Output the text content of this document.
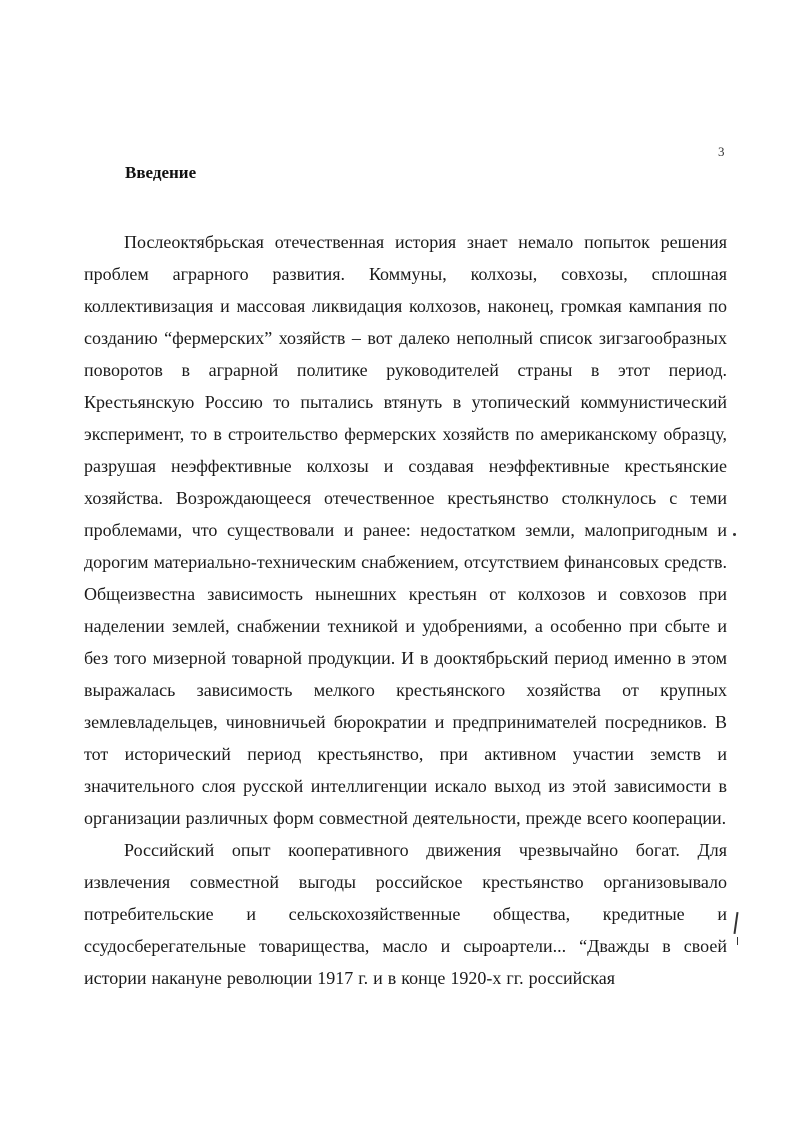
3
Введение

Послеоктябрьская отечественная история знает немало попыток решения проблем аграрного развития. Коммуны, колхозы, совхозы, сплошная коллективизация и массовая ликвидация колхозов, наконец, громкая кампания по созданию “фермерских” хозяйств – вот далеко неполный список зигзагообразных поворотов в аграрной политике руководителей страны в этот период. Крестьянскую Россию то пытались втянуть в утопический коммунистический эксперимент, то в строительство фермерских хозяйств по американскому образцу, разрушая неэффективные колхозы и создавая неэффективные крестьянские хозяйства. Возрождающееся отечественное крестьянство столкнулось с теми проблемами, что существовали и ранее: недостатком земли, малопригодным и дорогим материально-техническим снабжением, отсутствием финансовых средств. Общеизвестна зависимость нынешних крестьян от колхозов и совхозов при наделении землей, снабжении техникой и удобрениями, а особенно при сбыте и без того мизерной товарной продукции. И в дооктябрьский период именно в этом выражалась зависимость мелкого крестьянского хозяйства от крупных землевладельцев, чиновничьей бюрократии и предпринимателей посредников. В тот исторический период крестьянство, при активном участии земств и значительного слоя русской интеллигенции искало выход из этой зависимости в организации различных форм совместной деятельности, прежде всего кооперации.

Российский опыт кооперативного движения чрезвычайно богат. Для извлечения совместной выгоды российское крестьянство организовывало потребительские и сельскохозяйственные общества, кредитные и ссудосберегательные товарищества, масло и сыроартели... “Дважды в своей истории накануне революции 1917 г. и в конце 1920-х гг. российская
